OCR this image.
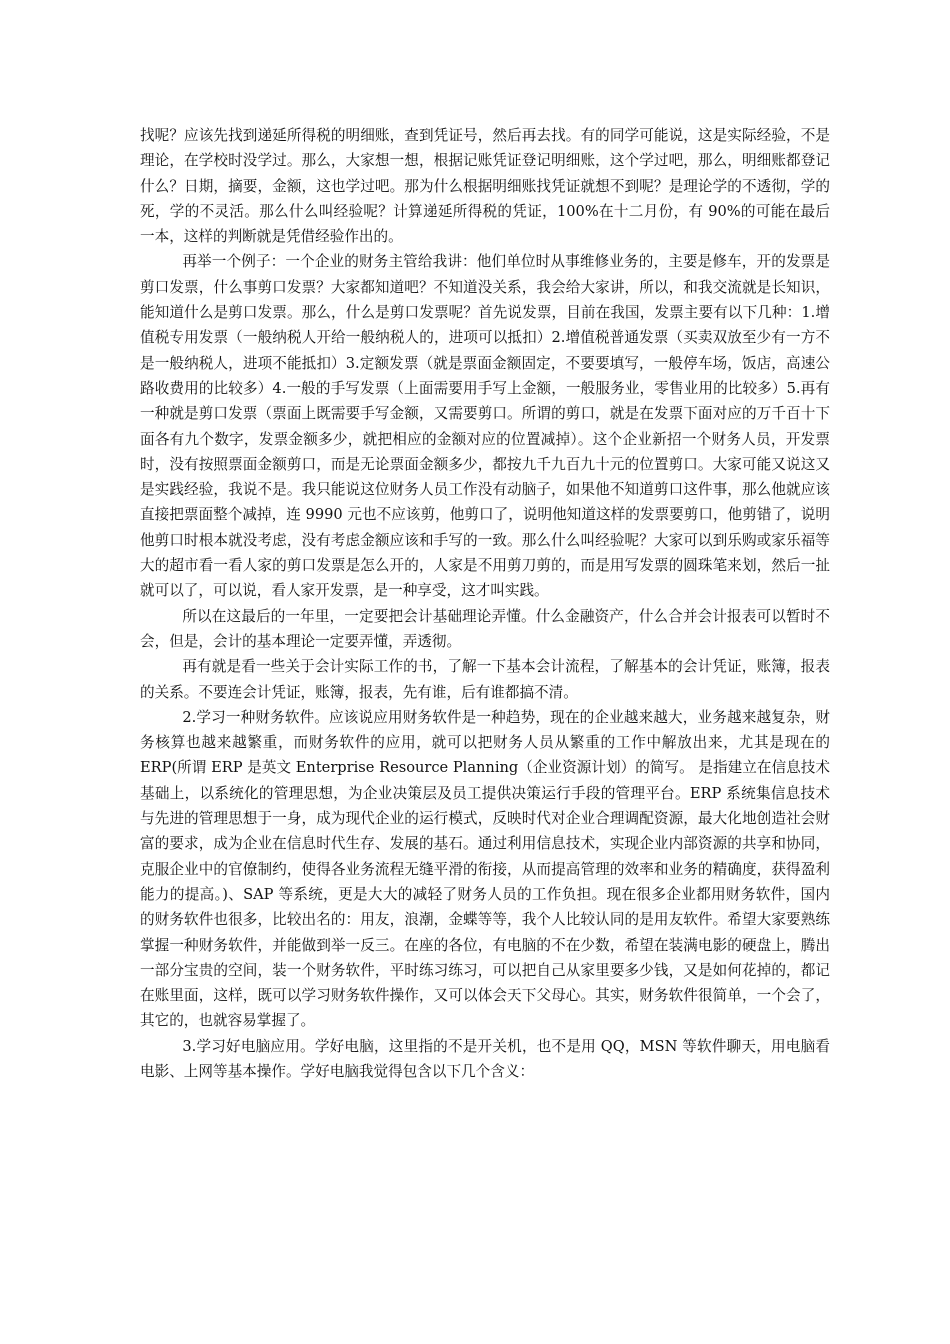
找呢？应该先找到递延所得税的明细账，查到凭证号，然后再去找。有的同学可能说，这是实际经验，不是理论，在学校时没学过。那么，大家想一想，根据记账凭证登记明细账，这个学过吧，那么，明细账都登记什么？日期，摘要，金额，这也学过吧。那为什么根据明细账找凭证就想不到呢？是理论学的不透彻，学的死，学的不灵活。那么什么叫经验呢？计算递延所得税的凭证，100%在十二月份，有 90%的可能在最后一本，这样的判断就是凭借经验作出的。

再举一个例子：一个企业的财务主管给我讲：他们单位时从事维修业务的，主要是修车，开的发票是剪口发票，什么事剪口发票？大家都知道吧？不知道没关系，我会给大家讲，所以，和我交流就是长知识，能知道什么是剪口发票。那么，什么是剪口发票呢？首先说发票，目前在我国，发票主要有以下几种：1.增值税专用发票（一般纳税人开给一般纳税人的，进项可以抵扣）2.增值税普通发票（买卖双放至少有一方不是一般纳税人，进项不能抵扣）3.定额发票（就是票面金额固定，不要要填写，一般停车场，饭店，高速公路收费用的比较多）4.一般的手写发票（上面需要用手写上金额，一般服务业，零售业用的比较多）5.再有一种就是剪口发票（票面上既需要手写金额，又需要剪口。所谓的剪口，就是在发票下面对应的万千百十下面各有九个数字，发票金额多少，就把相应的金额对应的位置减掉）。这个企业新招一个财务人员，开发票时，没有按照票面金额剪口，而是无论票面金额多少，都按九千九百九十元的位置剪口。大家可能又说这又是实践经验，我说不是。我只能说这位财务人员工作没有动脑子，如果他不知道剪口这件事，那么他就应该直接把票面整个减掉，连 9990 元也不应该剪，他剪口了，说明他知道这样的发票要剪口，他剪错了，说明他剪口时根本就没考虑，没有考虑金额应该和手写的一致。那么什么叫经验呢？大家可以到乐购或家乐福等大的超市看一看人家的剪口发票是怎么开的，人家是不用剪刀剪的，而是用写发票的圆珠笔来划，然后一扯就可以了，可以说，看人家开发票，是一种享受，这才叫实践。

所以在这最后的一年里，一定要把会计基础理论弄懂。什么金融资产，什么合并会计报表可以暂时不会，但是，会计的基本理论一定要弄懂，弄透彻。

再有就是看一些关于会计实际工作的书，了解一下基本会计流程，了解基本的会计凭证，账簿，报表的关系。不要连会计凭证，账簿，报表，先有谁，后有谁都搞不清。

2.学习一种财务软件。应该说应用财务软件是一种趋势，现在的企业越来越大，业务越来越复杂，财务核算也越来越繁重，而财务软件的应用，就可以把财务人员从繁重的工作中解放出来，尤其是现在的 ERP(所谓 ERP 是英文 Enterprise Resource Planning（企业资源计划）的简写。 是指建立在信息技术基础上，以系统化的管理思想，为企业决策层及员工提供决策运行手段的管理平台。ERP 系统集信息技术与先进的管理思想于一身，成为现代企业的运行模式，反映时代对企业合理调配资源，最大化地创造社会财富的要求，成为企业在信息时代生存、发展的基石。通过利用信息技术，实现企业内部资源的共享和协同，克服企业中的官僚制约，使得各业务流程无缝平滑的衔接，从而提高管理的效率和业务的精确度，获得盈利能力的提高。)、SAP 等系统，更是大大的减轻了财务人员的工作负担。现在很多企业都用财务软件，国内的财务软件也很多，比较出名的：用友，浪潮，金蝶等等，我个人比较认同的是用友软件。希望大家要熟练掌握一种财务软件，并能做到举一反三。在座的各位，有电脑的不在少数，希望在装满电影的硬盘上，腾出一部分宝贵的空间，装一个财务软件，平时练习练习，可以把自己从家里要多少钱，又是如何花掉的，都记在账里面，这样，既可以学习财务软件操作，又可以体会天下父母心。其实，财务软件很简单，一个会了，其它的，也就容易掌握了。

3.学习好电脑应用。学好电脑，这里指的不是开关机，也不是用 QQ，MSN 等软件聊天，用电脑看电影、上网等基本操作。学好电脑我觉得包含以下几个含义：
